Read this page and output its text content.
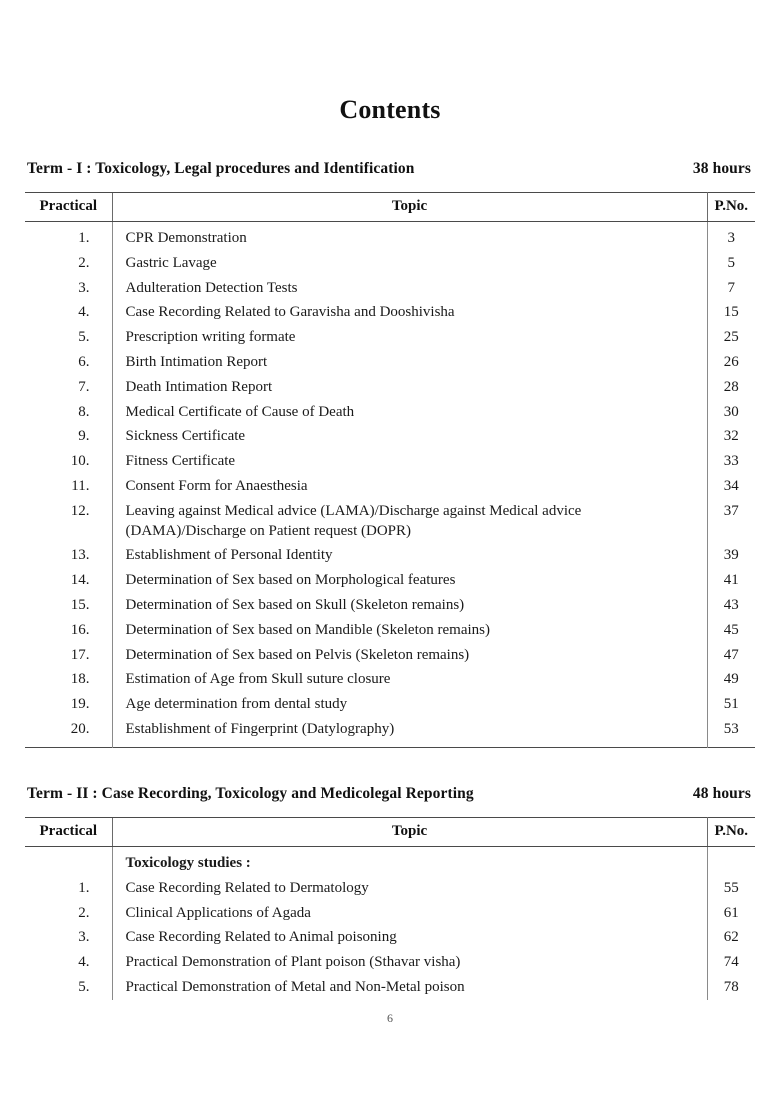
Contents
Term - I : Toxicology, Legal procedures and Identification	38 hours
Practical	Topic	P.No.
1.	CPR Demonstration	3
2.	Gastric Lavage	5
3.	Adulteration Detection Tests	7
4.	Case Recording Related to Garavisha and Dooshivisha	15
5.	Prescription writing formate	25
6.	Birth Intimation Report	26
7.	Death Intimation Report	28
8.	Medical Certificate of Cause of Death	30
9.	Sickness Certificate	32
10.	Fitness Certificate	33
11.	Consent Form for Anaesthesia	34
12.	Leaving against Medical advice (LAMA)/Discharge against Medical advice (DAMA)/Discharge on Patient request (DOPR)	37
13.	Establishment of Personal Identity	39
14.	Determination of Sex based on Morphological features	41
15.	Determination of Sex based on Skull (Skeleton remains)	43
16.	Determination of Sex based on Mandible (Skeleton remains)	45
17.	Determination of Sex based on Pelvis (Skeleton remains)	47
18.	Estimation of Age from Skull suture closure	49
19.	Age determination from dental study	51
20.	Establishment of Fingerprint (Datylography)	53
Term - II : Case Recording, Toxicology and Medicolegal Reporting	48 hours
Practical	Topic	P.No.
	Toxicology studies :	
1.	Case Recording Related to Dermatology	55
2.	Clinical Applications of Agada	61
3.	Case Recording Related to Animal poisoning	62
4.	Practical Demonstration of Plant poison (Sthavar visha)	74
5.	Practical Demonstration of Metal and Non-Metal poison	78
6
